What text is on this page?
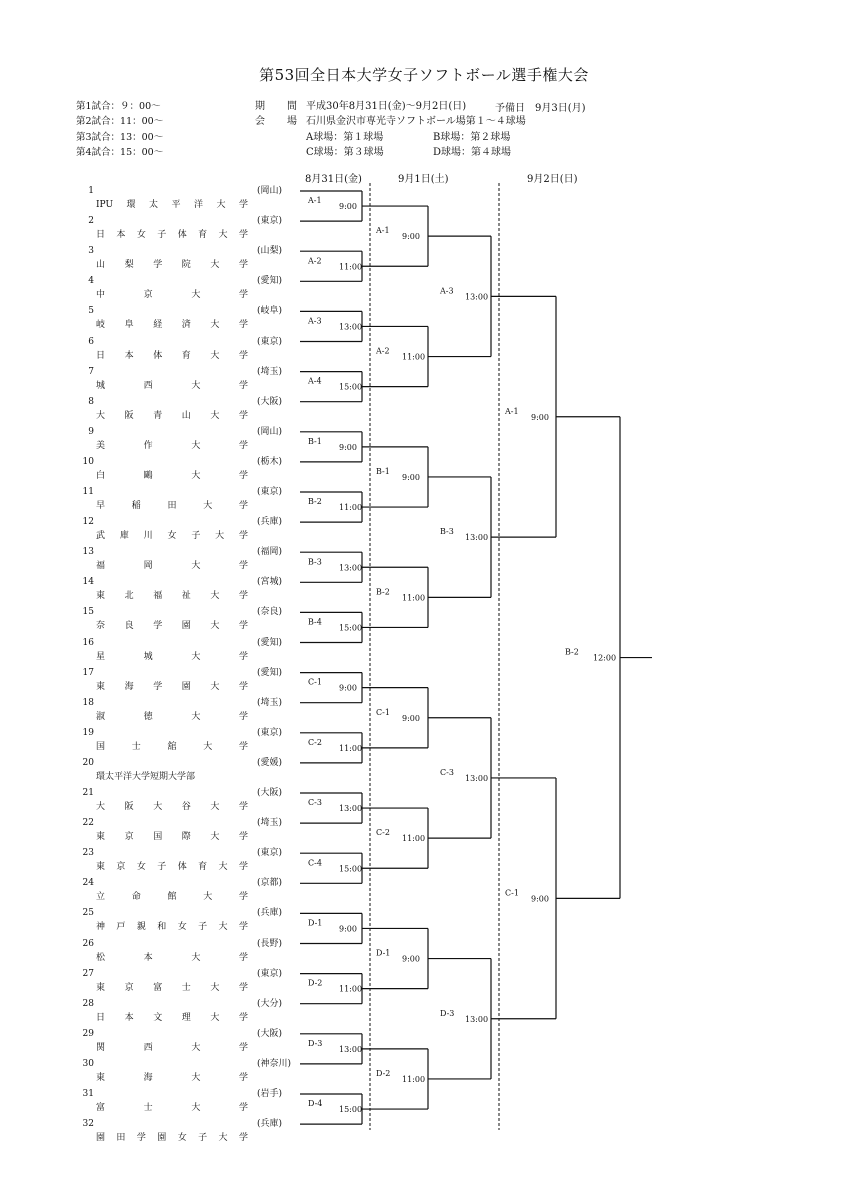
第53回全日本大学女子ソフトボール選手権大会
第1試合：９：00〜
第2試合：11：00〜
第3試合：13：00〜
第4試合：15：00〜
期　間
会　場
平成30年8月31日(金)〜9月2日(日)
石川県金沢市専光寺ソフトボール場第１〜４球場
A球場：第１球場	B球場：第２球場
C球場：第３球場	D球場：第４球場
予備日　9月3日(月)
8月31日(金)	9月1日(土)	9月2日(日)
1
IPU 環 太 平 洋 大 学
(岡山)
2
日 本 女 子 体 育 大 学
(東京)
3
山 梨 学 院 大 学
(山梨)
4
中	京	大	学
(愛知)
5
岐 阜 経 済 大 学
(岐阜)
6
日 本 体 育 大 学
(東京)
7
城	西	大	学
(埼玉)
8
大 阪 青 山 大 学
(大阪)
9
美	作	大	学
(岡山)
10
白	鷗	大	学
(栃木)
11
早	稲	田	大	学
(東京)
12
武 庫 川 女 子 大 学
(兵庫)
13
福	岡	大	学
(福岡)
14
東 北 福 祉 大 学
(宮城)
15
奈 良 学 園 大 学
(奈良)
16
星	城	大	学
(愛知)
17
東 海 学 園 大 学
(愛知)
18
淑	徳	大	学
(埼玉)
19
国	士	舘	大	学
(東京)
20
環太平洋大学短期大学部
(愛媛)
21
大 阪 大 谷 大 学
(大阪)
22
東 京 国 際 大 学
(埼玉)
23
東 京 女 子 体 育 大 学
(東京)
24
立	命	館	大	学
(京都)
25
神 戸 親 和 女 子 大 学
(兵庫)
26
松	本	大	学
(長野)
27
東 京 富 士 大 学
(東京)
28
日 本 文 理 大 学
(大分)
29
関	西	大	学
(大阪)
30
東	海	大	学
(神奈川)
31
富	士	大	学
(岩手)
32
園 田 学 園 女 子 大 学
(兵庫)
A-1
9:00
A-2
11:00
A-3
13:00
A-4
15:00
B-1
9:00
B-2
11:00
B-3
13:00
B-4
15:00
C-1
9:00
C-2
11:00
C-3
13:00
C-4
15:00
D-1
9:00
D-2
11:00
D-3
13:00
D-4
15:00
A-1
9:00
A-2
11:00
B-1
9:00
B-2
11:00
C-1
9:00
C-2
11:00
D-1
9:00
D-2
11:00
A-3
13:00
B-3
13:00
C-3
13:00
D-3
13:00
A-1
9:00
C-1
9:00
B-2
12:00
